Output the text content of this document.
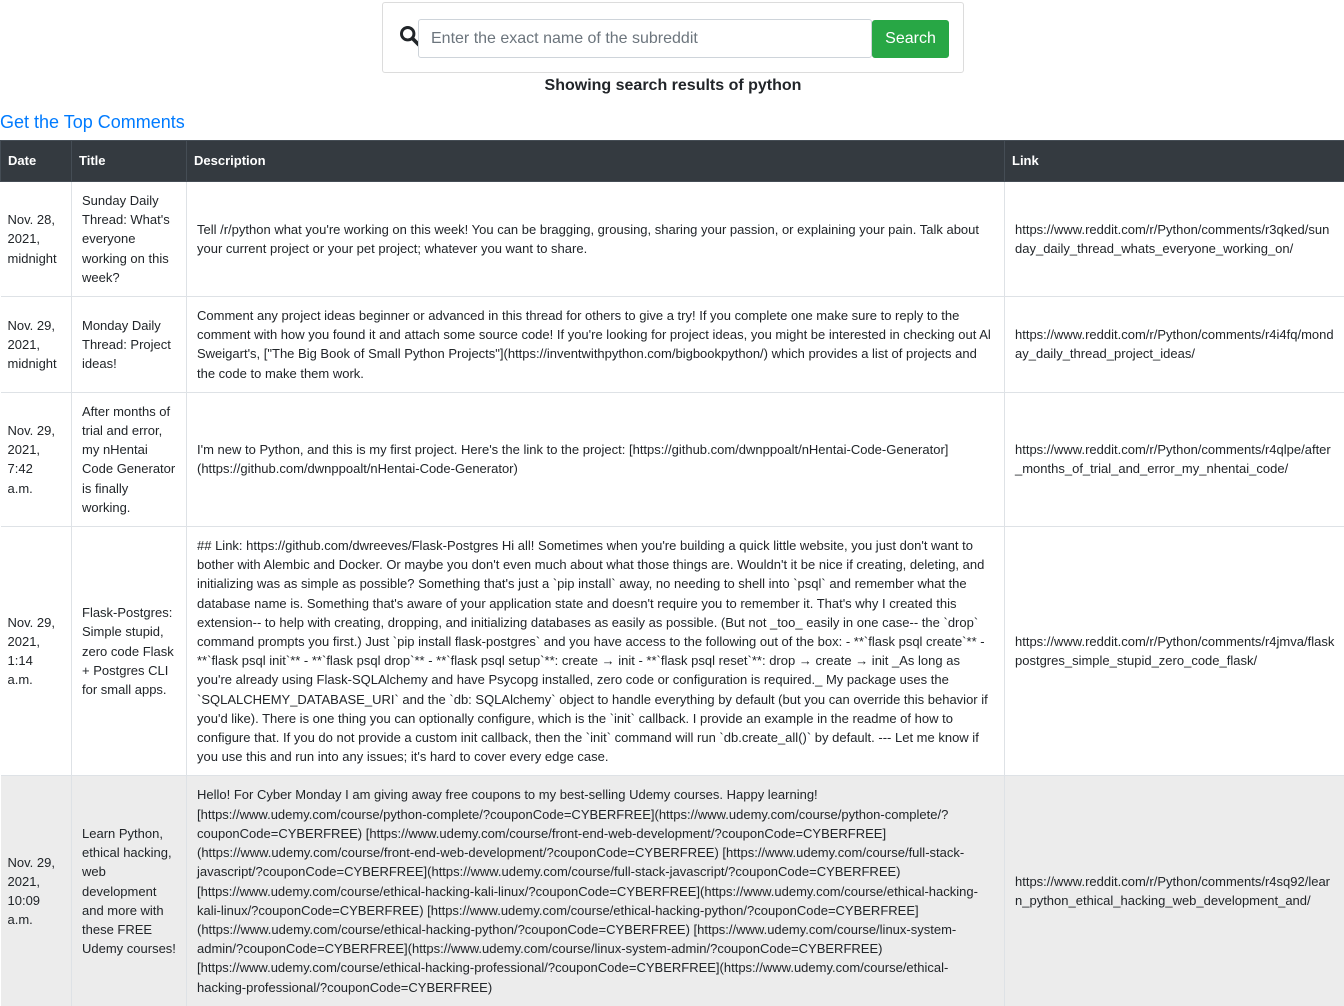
Enter the exact name of the subreddit
Search
Showing search results of python
Get the Top Comments
Date	Title	Description	Link
Nov. 28, 2021, midnight	Sunday Daily Thread: What's everyone working on this week?	Tell /r/python what you're working on this week! You can be bragging, grousing, sharing your passion, or explaining your pain. Talk about your current project or your pet project; whatever you want to share.	https://www.reddit.com/r/Python/comments/r3qked/sunday_daily_thread_whats_everyone_working_on/
Nov. 29, 2021, midnight	Monday Daily Thread: Project ideas!	Comment any project ideas beginner or advanced in this thread for others to give a try! If you complete one make sure to reply to the comment with how you found it and attach some source code! If you're looking for project ideas, you might be interested in checking out Al Sweigart's, ["The Big Book of Small Python Projects"](https://inventwithpython.com/bigbookpython/) which provides a list of projects and the code to make them work.	https://www.reddit.com/r/Python/comments/r4i4fq/monday_daily_thread_project_ideas/
Nov. 29, 2021, 7:42 a.m.	After months of trial and error, my nHentai Code Generator is finally working.	I'm new to Python, and this is my first project. Here's the link to the project: [https://github.com/dwnppoalt/nHentai-Code-Generator](https://github.com/dwnppoalt/nHentai-Code-Generator)	https://www.reddit.com/r/Python/comments/r4qlpe/after_months_of_trial_and_error_my_nhentai_code/
Nov. 29, 2021, 1:14 a.m.	Flask-Postgres: Simple stupid, zero code Flask + Postgres CLI for small apps.	## Link: https://github.com/dwreeves/Flask-Postgres Hi all! Sometimes when you're building a quick little website, you just don't want to bother with Alembic and Docker. Or maybe you don't even much about what those things are. Wouldn't it be nice if creating, deleting, and initializing was as simple as possible? Something that's just a `pip install` away, no needing to shell into `psql` and remember what the database name is. Something that's aware of your application state and doesn't require you to remember it. That's why I created this extension-- to help with creating, dropping, and initializing databases as easily as possible. (But not _too_ easily in one case-- the `drop` command prompts you first.) Just `pip install flask-postgres` and you have access to the following out of the box: - **`flask psql create`** - **`flask psql init`** - **`flask psql drop`** - **`flask psql setup`**: create → init - **`flask psql reset`**: drop → create → init _As long as you're already using Flask-SQLAlchemy and have Psycopg installed, zero code or configuration is required._ My package uses the `SQLALCHEMY_DATABASE_URI` and the `db: SQLAlchemy` object to handle everything by default (but you can override this behavior if you'd like). There is one thing you can optionally configure, which is the `init` callback. I provide an example in the readme of how to configure that. If you do not provide a custom init callback, then the `init` command will run `db.create_all()` by default. --- Let me know if you use this and run into any issues; it's hard to cover every edge case.	https://www.reddit.com/r/Python/comments/r4jmva/flaskpostgres_simple_stupid_zero_code_flask/
Nov. 29, 2021, 10:09 a.m.	Learn Python, ethical hacking, web development and more with these FREE Udemy courses!	Hello! For Cyber Monday I am giving away free coupons to my best-selling Udemy courses. Happy learning! [https://www.udemy.com/course/python-complete/?couponCode=CYBERFREE](https://www.udemy.com/course/python-complete/?couponCode=CYBERFREE) [https://www.udemy.com/course/front-end-web-development/?couponCode=CYBERFREE](https://www.udemy.com/course/front-end-web-development/?couponCode=CYBERFREE) [https://www.udemy.com/course/full-stack-javascript/?couponCode=CYBERFREE](https://www.udemy.com/course/full-stack-javascript/?couponCode=CYBERFREE) [https://www.udemy.com/course/ethical-hacking-kali-linux/?couponCode=CYBERFREE](https://www.udemy.com/course/ethical-hacking-kali-linux/?couponCode=CYBERFREE) [https://www.udemy.com/course/ethical-hacking-python/?couponCode=CYBERFREE](https://www.udemy.com/course/ethical-hacking-python/?couponCode=CYBERFREE) [https://www.udemy.com/course/linux-system-admin/?couponCode=CYBERFREE](https://www.udemy.com/course/linux-system-admin/?couponCode=CYBERFREE) [https://www.udemy.com/course/ethical-hacking-professional/?couponCode=CYBERFREE](https://www.udemy.com/course/ethical-hacking-professional/?couponCode=CYBERFREE)	https://www.reddit.com/r/Python/comments/r4sq92/learn_python_ethical_hacking_web_development_and/
